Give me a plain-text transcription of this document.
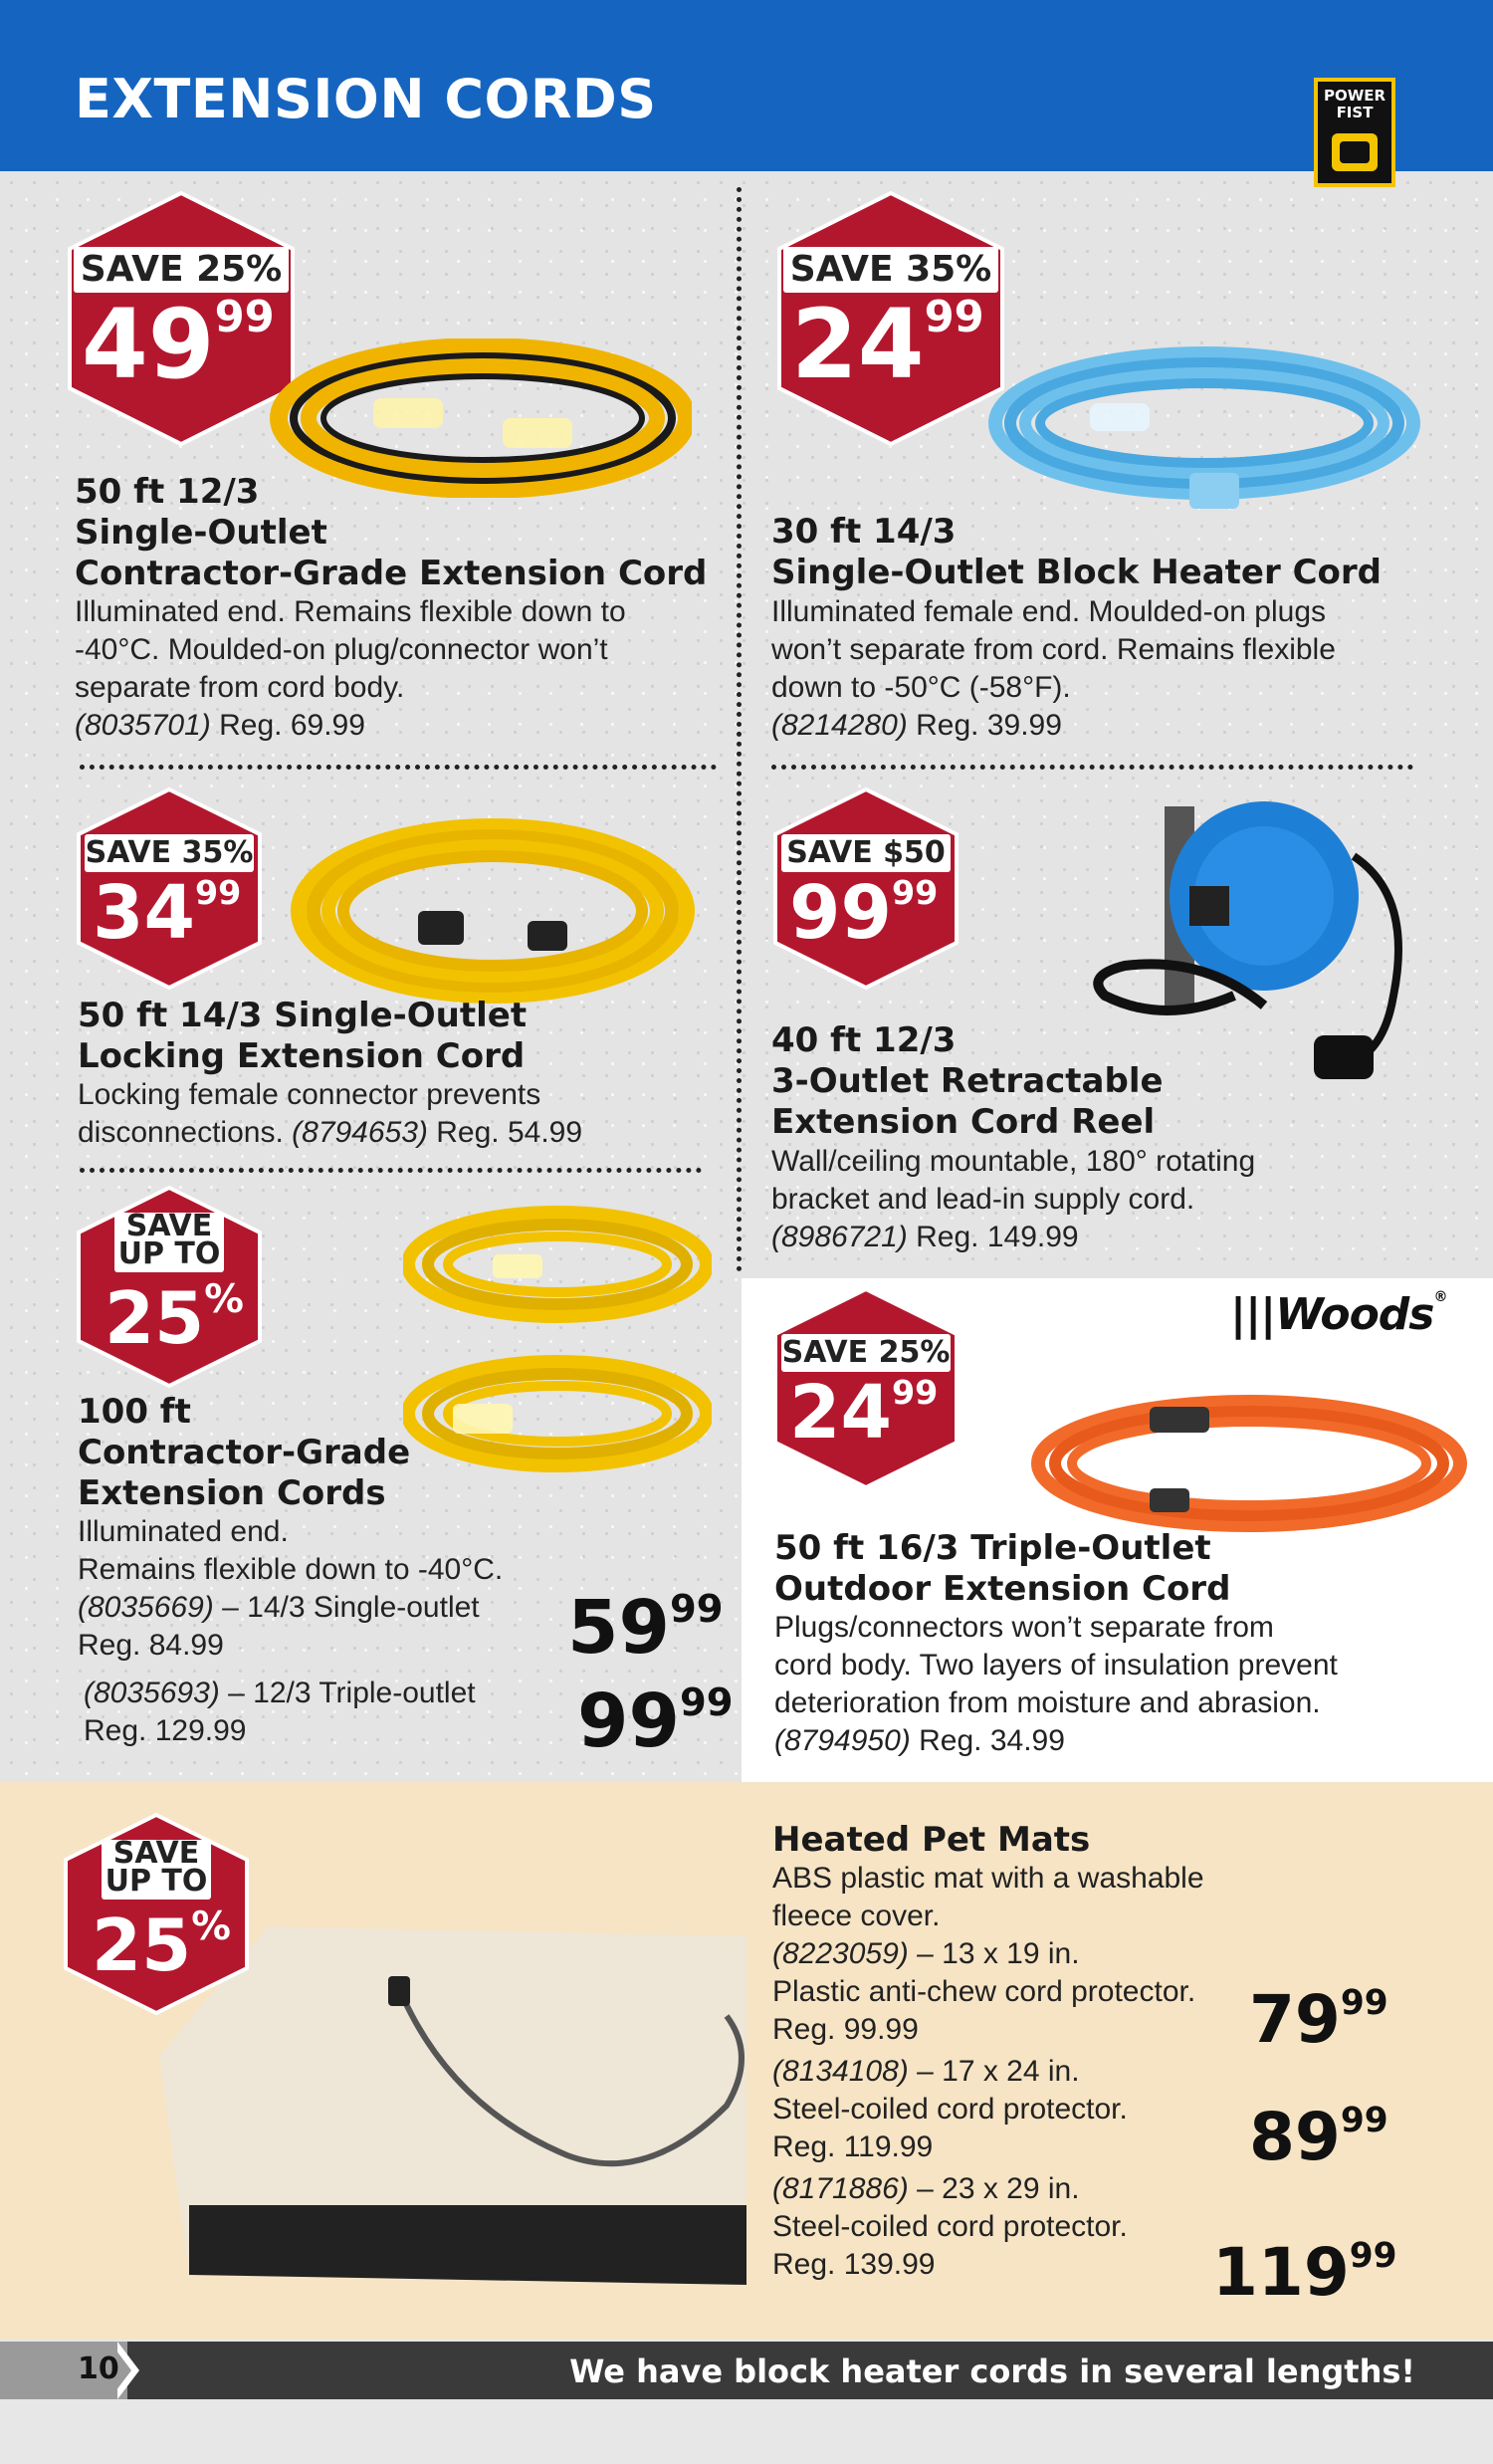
EXTENSION CORDS	POWER
FIST
SAVE 25%
$49^{99}$
50 ft 12/3
Single-Outlet
Contractor-Grade Extension Cord
Illuminated end. Remains flexible down to
-40°C. Moulded-on plug/connector won’t
separate from cord body.
(8035701) Reg. 69.99
SAVE 35%
$24^{99}$
30 ft 14/3
Single-Outlet Block Heater Cord
Illuminated female end. Moulded-on plugs
won’t separate from cord. Remains flexible
down to -50°C (-58°F).
(8214280) Reg. 39.99
SAVE 35%
$34^{99}$
50 ft 14/3 Single-Outlet
Locking Extension Cord
Locking female connector prevents
disconnections. (8794653) Reg. 54.99
SAVE $50
$99^{99}$
40 ft 12/3
3-Outlet Retractable
Extension Cord Reel
Wall/ceiling mountable, 180° rotating
bracket and lead-in supply cord.
(8986721) Reg. 149.99
SAVE
UP TO
25%
100 ft
Contractor-Grade
Extension Cords
Illuminated end.
Remains flexible down to -40°C.
(8035669) – 14/3 Single-outlet
Reg. 84.99
(8035693) – 12/3 Triple-outlet
Reg. 129.99
$59^{99}$
$99^{99}$
|||Woods®
SAVE 25%
$24^{99}$
50 ft 16/3 Triple-Outlet
Outdoor Extension Cord
Plugs/connectors won’t separate from
cord body. Two layers of insulation prevent
deterioration from moisture and abrasion.
(8794950) Reg. 34.99
SAVE
UP TO
25%
Heated Pet Mats
ABS plastic mat with a washable
fleece cover.
(8223059) – 13 x 19 in.
Plastic anti-chew cord protector.
Reg. 99.99
(8134108) – 17 x 24 in.
Steel-coiled cord protector.
Reg. 119.99
(8171886) – 23 x 29 in.
Steel-coiled cord protector.
Reg. 139.99
$79^{99}$
$89^{99}$
$119^{99}$
10	We have block heater cords in several lengths!
